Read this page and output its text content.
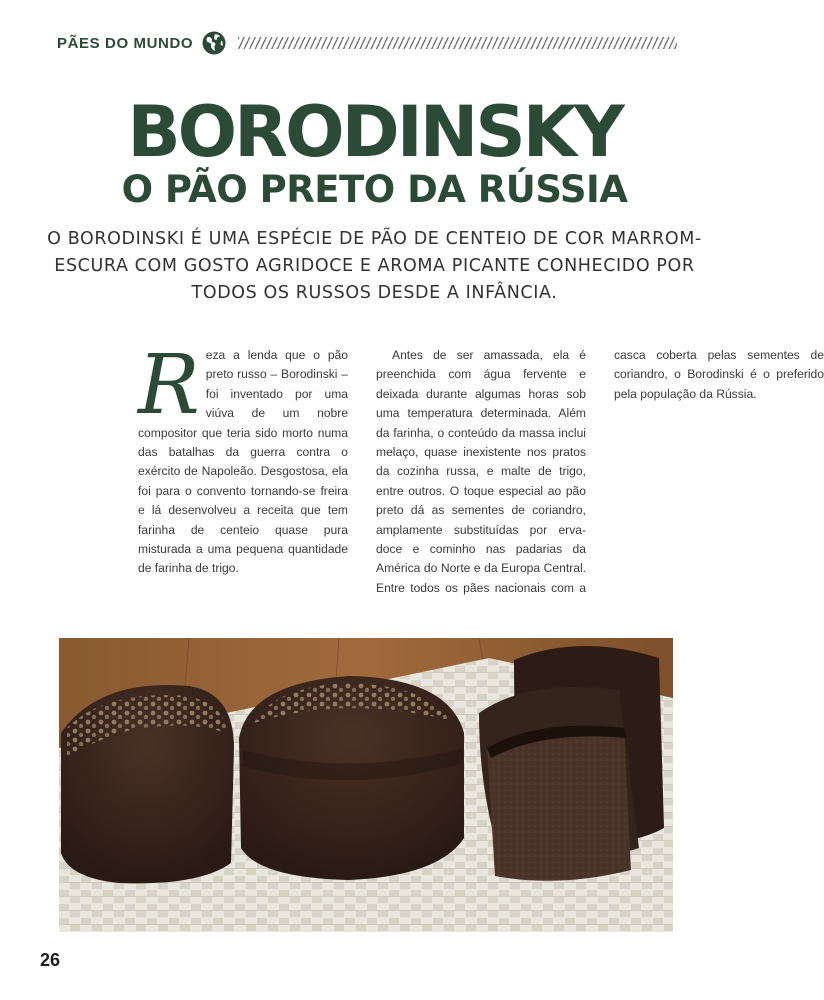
PÃES DO MUNDO
BORODINSKY
O PÃO PRETO DA RÚSSIA
O BORODINSKI É UMA ESPÉCIE DE PÃO DE CENTEIO DE COR MARROM-ESCURA COM GOSTO AGRIDOCE E AROMA PICANTE CONHECIDO POR TODOS OS RUSSOS DESDE A INFÂNCIA.

Reza a lenda que o pão preto russo – Borodinski – foi inventado por uma viúva de um nobre compositor que teria sido morto numa das batalhas da guerra contra o exército de Napoleão. Desgostosa, ela foi para o convento tornando-se freira e lá desenvolveu a receita que tem farinha de centeio quase pura misturada a uma pequena quantidade de farinha de trigo.

Antes de ser amassada, ela é preenchida com água fervente e deixada durante algumas horas sob uma temperatura determinada. Além da farinha, o conteúdo da massa inclui melaço, quase inexistente nos pratos da cozinha russa, e malte de trigo, entre outros. O toque especial ao pão preto dá as sementes de coriandro, amplamente substituídas por erva-doce e cominho nas padarias da América do Norte e da Europa Central. Entre todos os pães nacionais com a casca coberta pelas sementes de coriandro, o Borodinski é o preferido pela população da Rússia.

26
